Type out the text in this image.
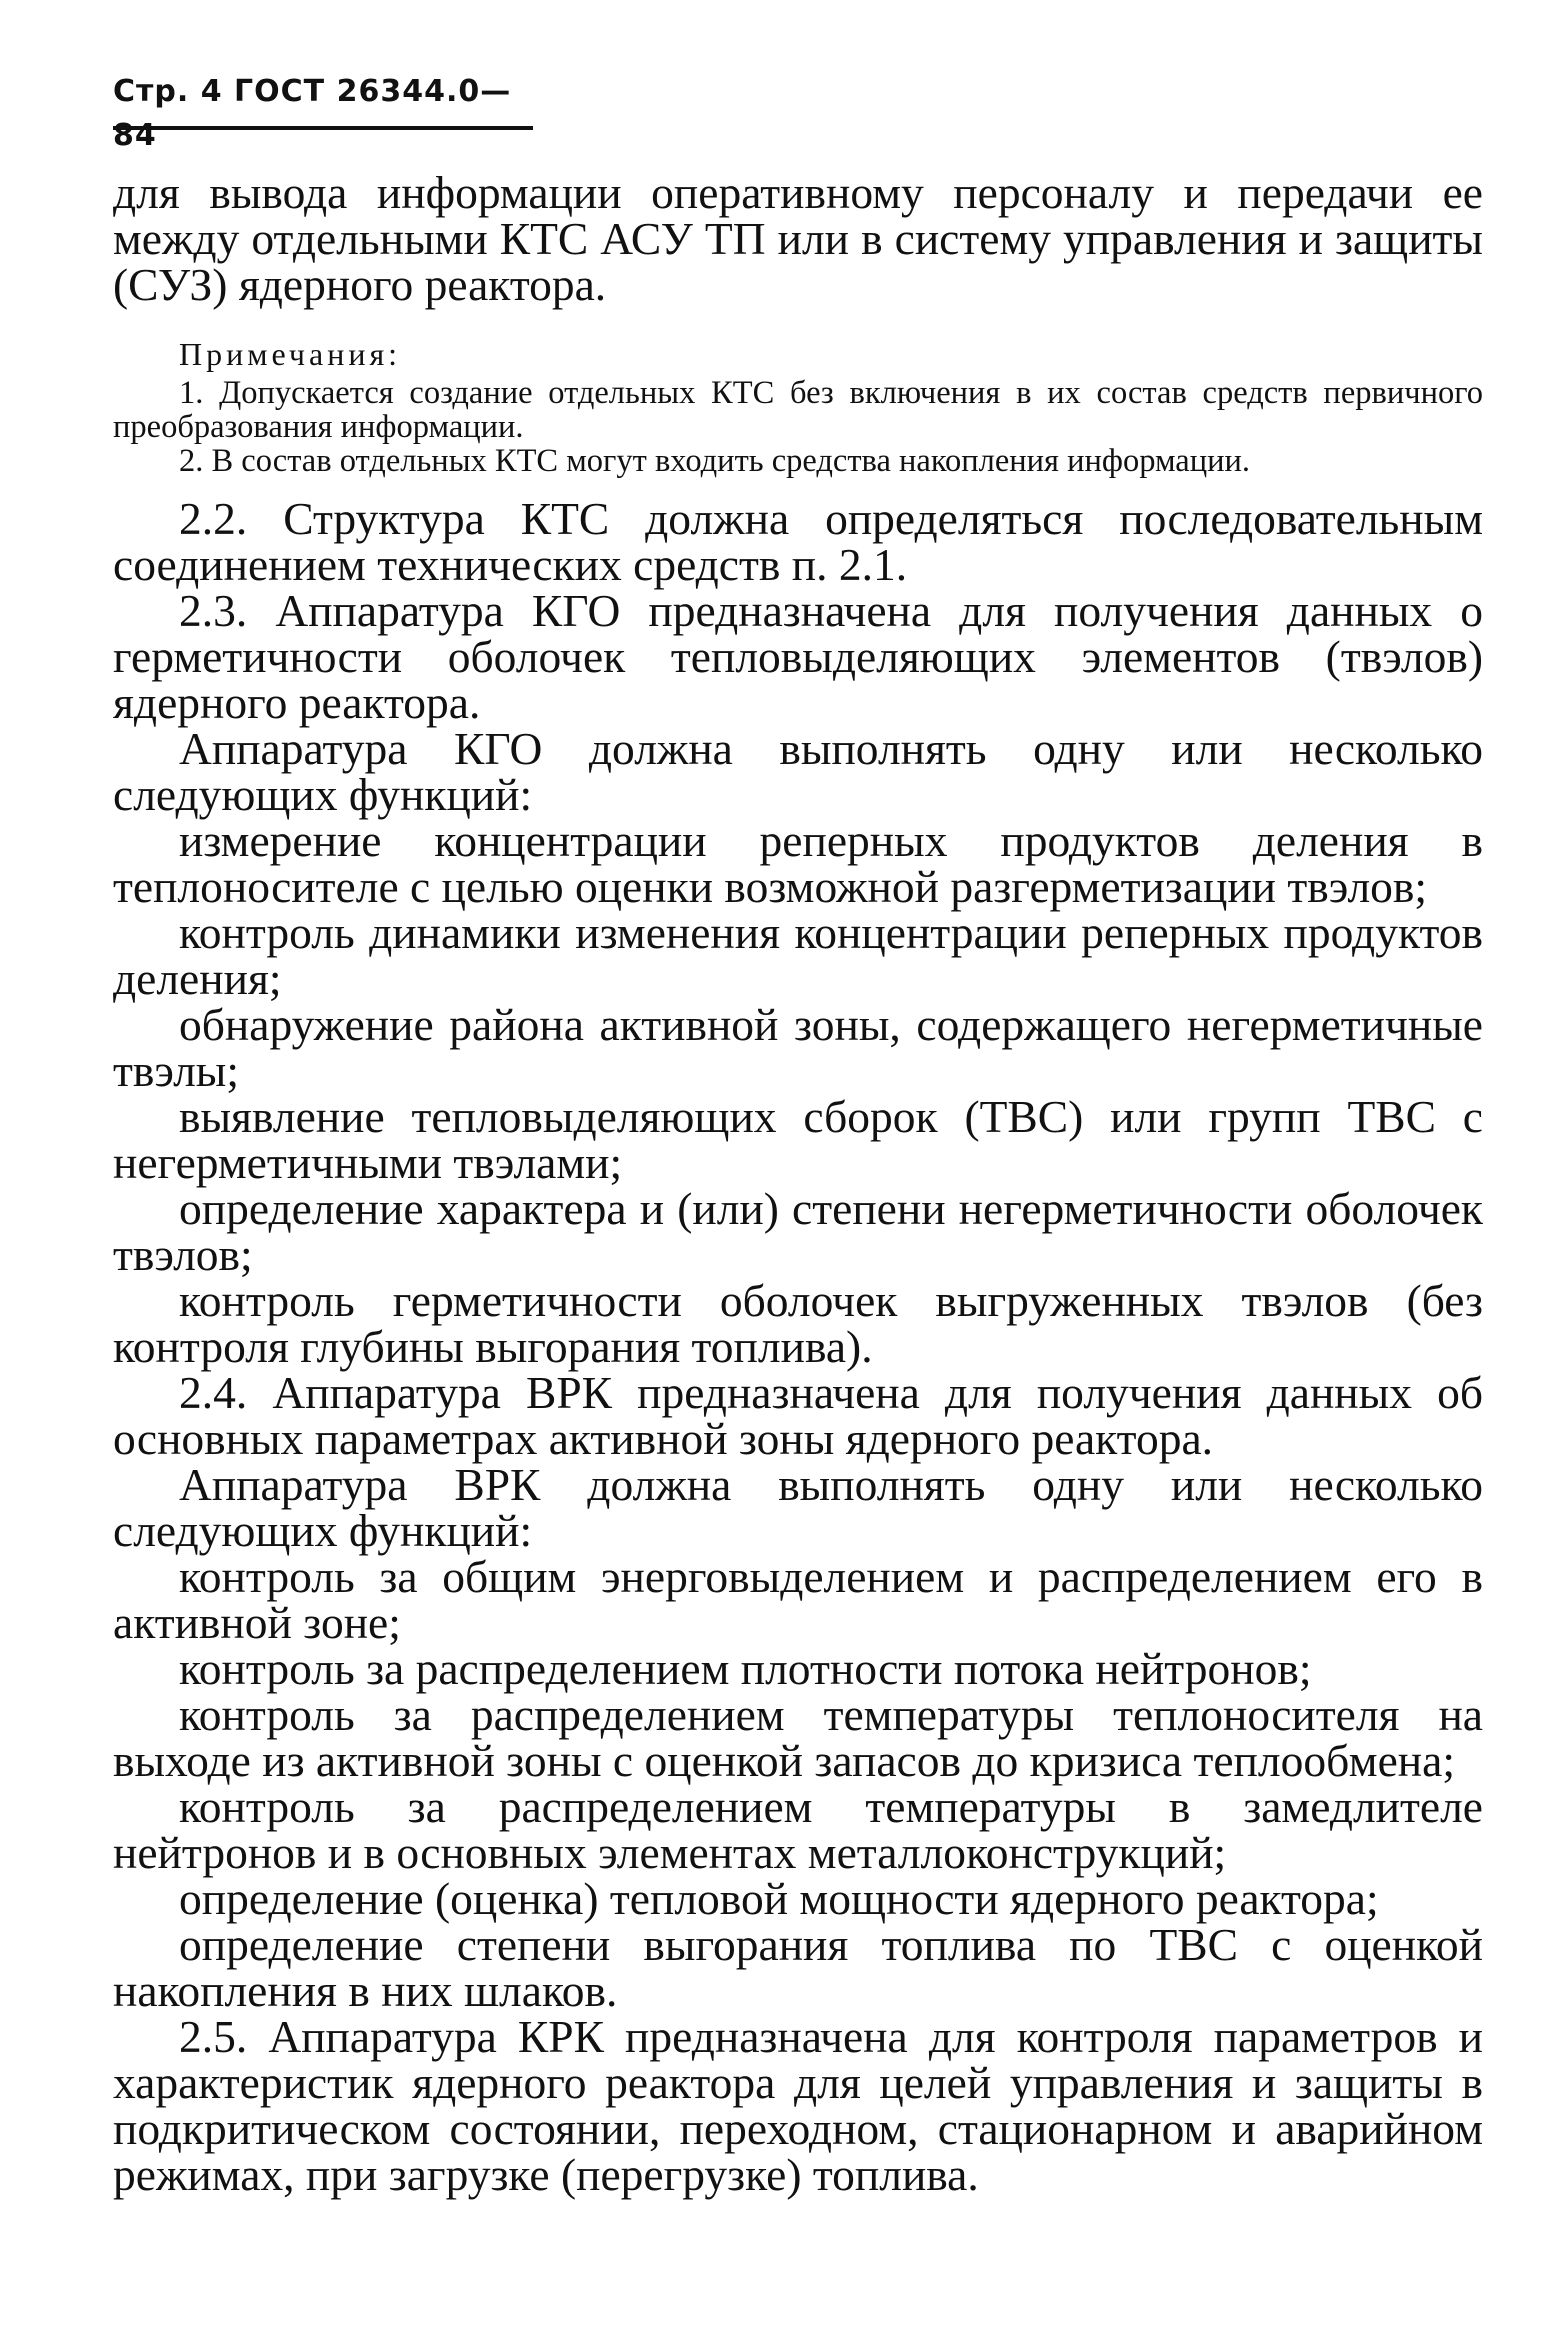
Стр. 4 ГОСТ 26344.0—84

для вывода информации оперативному персоналу и передачи ее между отдельными КТС АСУ ТП или в систему управления и защиты (СУЗ) ядерного реактора.

Примечания:

1. Допускается создание отдельных КТС без включения в их состав средств первичного преобразования информации.

2. В состав отдельных КТС могут входить средства накопления информации.

2.2. Структура КТС должна определяться последовательным соединением технических средств п. 2.1.

2.3. Аппаратура КГО предназначена для получения данных о герметичности оболочек тепловыделяющих элементов (твэлов) ядерного реактора.

Аппаратура КГО должна выполнять одну или несколько следующих функций:

измерение концентрации реперных продуктов деления в теплоносителе с целью оценки возможной разгерметизации твэлов;

контроль динамики изменения концентрации реперных продуктов деления;

обнаружение района активной зоны, содержащего негерметичные твэлы;

выявление тепловыделяющих сборок (ТВС) или групп ТВС с негерметичными твэлами;

определение характера и (или) степени негерметичности оболочек твэлов;

контроль герметичности оболочек выгруженных твэлов (без контроля глубины выгорания топлива).

2.4. Аппаратура ВРК предназначена для получения данных об основных параметрах активной зоны ядерного реактора.

Аппаратура ВРК должна выполнять одну или несколько следующих функций:

контроль за общим энерговыделением и распределением его в активной зоне;

контроль за распределением плотности потока нейтронов;

контроль за распределением температуры теплоносителя на выходе из активной зоны с оценкой запасов до кризиса теплообмена;

контроль за распределением температуры в замедлителе нейтронов и в основных элементах металлоконструкций;

определение (оценка) тепловой мощности ядерного реактора;

определение степени выгорания топлива по ТВС с оценкой накопления в них шлаков.

2.5. Аппаратура КРК предназначена для контроля параметров и характеристик ядерного реактора для целей управления и защиты в подкритическом состоянии, переходном, стационарном и аварийном режимах, при загрузке (перегрузке) топлива.
